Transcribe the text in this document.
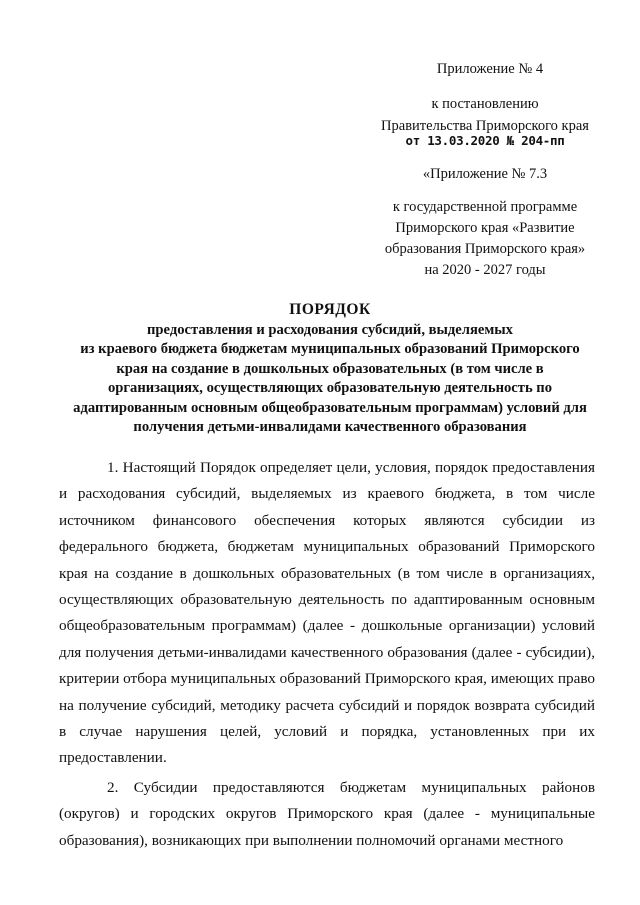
Приложение № 4
к постановлению
Правительства Приморского края
от 13.03.2020 № 204-пп
«Приложение № 7.3
к государственной программе
Приморского края «Развитие
образования Приморского края»
на 2020 - 2027 годы
ПОРЯДОК
предоставления и расходования субсидий, выделяемых
из краевого бюджета бюджетам муниципальных образований Приморского
края на создание в дошкольных образовательных (в том числе в
организациях, осуществляющих образовательную деятельность по
адаптированным основным общеобразовательным программам) условий для
получения детьми-инвалидами качественного образования

1. Настоящий Порядок определяет цели, условия, порядок предоставления и расходования субсидий, выделяемых из краевого бюджета, в том числе источником финансового обеспечения которых являются субсидии из федерального бюджета, бюджетам муниципальных образований Приморского края на создание в дошкольных образовательных (в том числе в организациях, осуществляющих образовательную деятельность по адаптированным основным общеобразовательным программам) (далее - дошкольные организации) условий для получения детьми-инвалидами качественного образования (далее - субсидии), критерии отбора муниципальных образований Приморского края, имеющих право на получение субсидий, методику расчета субсидий и порядок возврата субсидий в случае нарушения целей, условий и порядка, установленных при их предоставлении.

2. Субсидии предоставляются бюджетам муниципальных районов (округов) и городских округов Приморского края (далее - муниципальные образования), возникающих при выполнении полномочий органами местного
